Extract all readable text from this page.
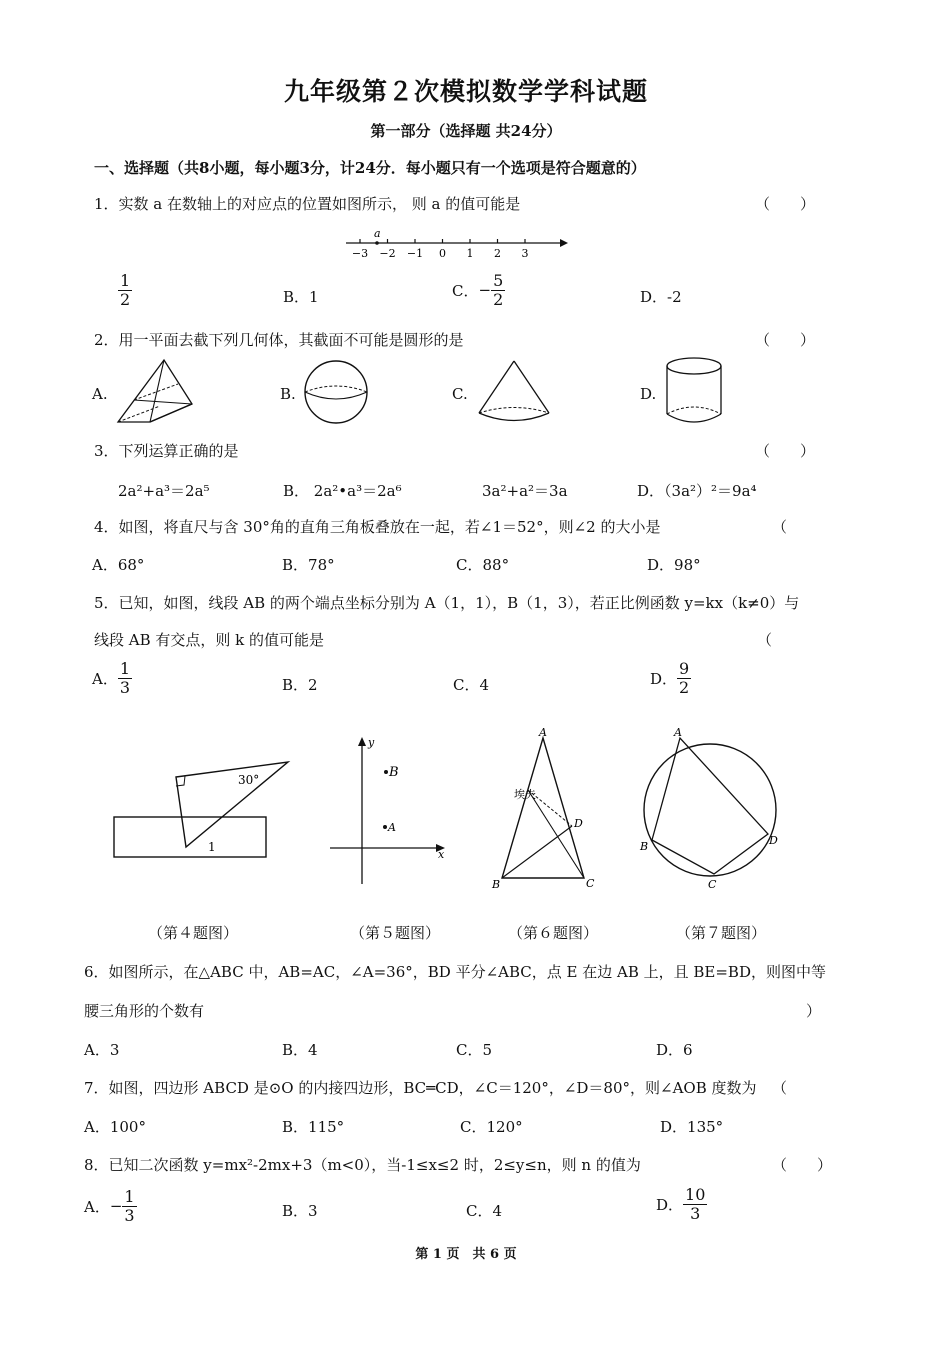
九年级第２次模拟数学学科试题
第一部分（选择题 共24分）
一、选择题（共8小题，每小题3分，计24分．每小题只有一个选项是符合题意的）
1．实数 a 在数轴上的对应点的位置如图所示， 则 a 的值可能是	（　　）
−3 −2 −1 0 1 2 3
a
$\frac{1}{2}$	B．1	C． − $\frac{5}{2}$	D．-2
2．用一平面去截下列几何体，其截面不可能是圆形的是	（　　）
A.	B.	C.	D.
3．下列运算正确的是	（　　）
2a²+a³＝2a⁵	B． 2a²•a³＝2a⁶	3a²+a²＝3a	D．（3a²）²＝9a⁴
4．如图，将直尺与含 30°角的直角三角板叠放在一起，若∠1＝52°，则∠2 的大小是	（
A．68°	B．78°	C．88°	D．98°
5．已知，如图，线段 AB 的两个端点坐标分别为 A（1，1），B（1，3），若正比例函数 y=kx（k≠0）与
线段 AB 有交点，则 k 的值可能是	（
A． $\frac{1}{3}$	B．2	C．4	D． $\frac{9}{2}$
30°
1
（第４题图）
y
x
B
A
（第５题图）
A
B	C
D
埃夫
（第６题图）
A
B
C
D
（第７题图）
6．如图所示，在△ABC 中，AB=AC，∠A=36°，BD 平分∠ABC，点 E 在边 AB 上，且 BE=BD，则图中等
腰三角形的个数有	）
A．3	B．4	C．5	D．6
7．如图，四边形 ABCD 是⊙O 的内接四边形，BC═CD，∠C＝120°，∠D＝80°，则∠AOB 度数为 （
A．100°	B．115°	C．120°	D．135°
8．已知二次函数 y=mx²-2mx+3（m<0），当-1≤x≤2 时，2≤y≤n，则 n 的值为	（　　）
A． − $\frac{1}{3}$	B．3	C．4	D． $\frac{10}{3}$
第 1 页　共 6 页
